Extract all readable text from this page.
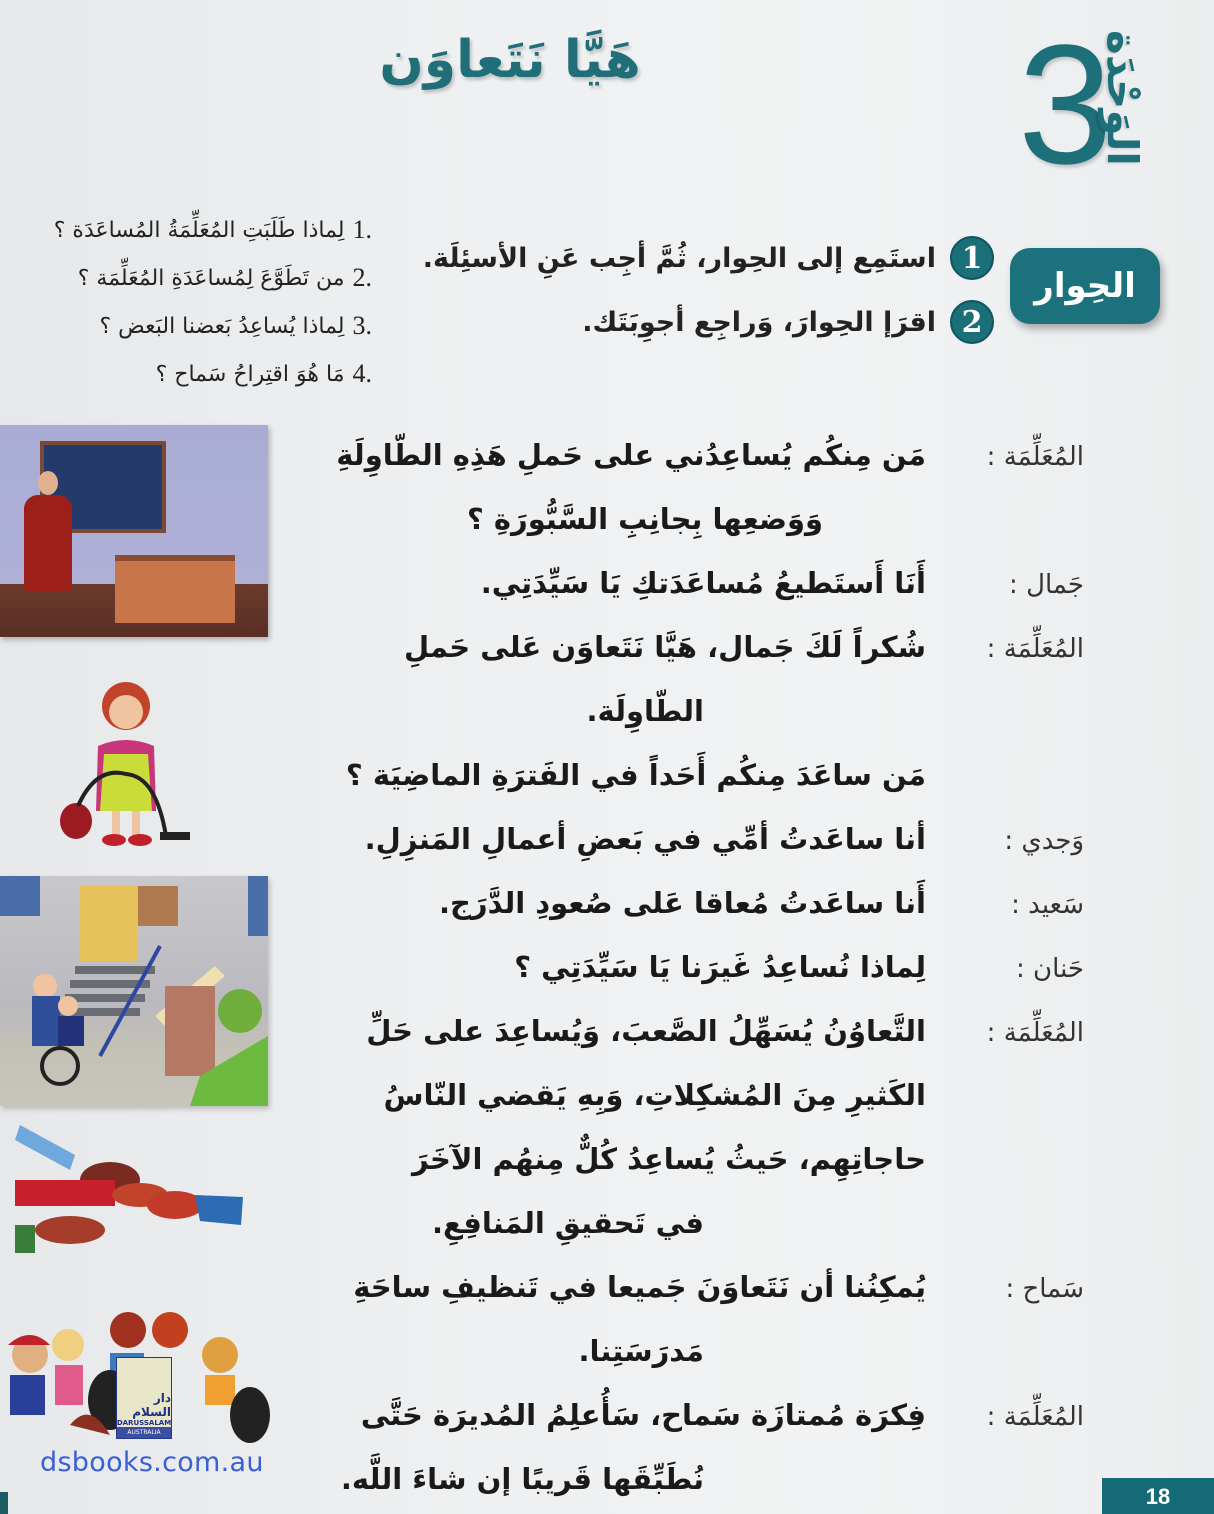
3
الوَحْدَة
هَيَّا نَتَعاوَن
الحِوار
1
استَمِع إلى الحِوار، ثُمَّ أجِب عَنِ الأسئِلَة.
2
اقرَإ الحِوارَ، وَراجِع أجوِبَتَك.
لِماذا طَلَبَتِ المُعَلِّمَةُ المُساعَدَة ؟ 1.
من تَطَوَّعَ لِمُساعَدَةِ المُعَلِّمَة ؟ 2.
لِماذا يُساعِدُ بَعضنا البَعض ؟ 3.
مَا هُوَ اقتِراحُ سَماح ؟ 4.
المُعَلِّمَة :
مَن مِنكُم يُساعِدُني على حَملِ هَذِهِ الطّاوِلَةِ
وَوَضعِها بِجانِبِ السَّبُّورَةِ ؟
جَمال :
أَنَا أَستَطيعُ مُساعَدَتكِ يَا سَيِّدَتِي.
المُعَلِّمَة :
شُكراً لَكَ جَمال، هَيَّا نَتَعاوَن عَلى حَملِ
الطّاوِلَة.
مَن ساعَدَ مِنكُم أَحَداً في الفَترَةِ الماضِيَة ؟
وَجدي :
أنا ساعَدتُ أمِّي في بَعضِ أعمالِ المَنزِلِ.
سَعيد :
أَنا ساعَدتُ مُعاقا عَلى صُعودِ الدَّرَج.
حَنان :
لِماذا نُساعِدُ غَيرَنا يَا سَيِّدَتِي ؟
المُعَلِّمَة :
التَّعاوُنُ يُسَهِّلُ الصَّعبَ، وَيُساعِدَ على حَلِّ
الكَثيرِ مِنَ المُشكِلاتِ، وَبِهِ يَقضي النّاسُ
حاجاتِهِم، حَيثُ يُساعِدُ كُلٌّ مِنهُم الآخَرَ
في تَحقيقِ المَنافِعِ.
سَماح :
يُمكِنُنا أن نَتَعاوَنَ جَميعا في تَنظيفِ ساحَةِ
مَدرَسَتِنا.
المُعَلِّمَة :
فِكرَة مُمتازَة سَماح، سَأُعلِمُ المُديرَة حَتَّى
نُطَبِّقَها قَريبًا إن شاءَ اللَّه.
دار السلام
DARUSSALAM
AUSTRALIA
dsbooks.com.au
18
